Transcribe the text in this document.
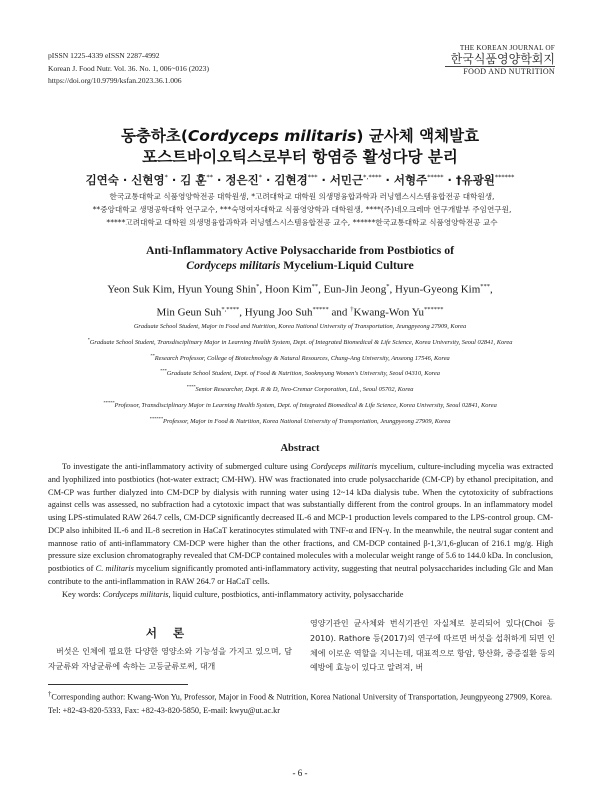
pISSN 1225-4339 eISSN 2287-4992
Korean J. Food Nutr. Vol. 36. No. 1, 006~016 (2023)
https://doi.org/10.9799/ksfan.2023.36.1.006
THE KOREAN JOURNAL OF
한국식품영양학회지
FOOD AND NUTRITION
동충하초(Cordyceps militaris) 균사체 액체발효
포스트바이오틱스로부터 항염증 활성다당 분리
김연숙 · 신현영* · 김 훈** · 정은진* · 김현경*** · 서민근*,**** · 서형주***** · †유광원******
한국교통대학교 식품영양학전공 대학원생, *고려대학교 대학원 의생명융합과학과 러닝헬스시스템융합전공 대학원생,
**중앙대학교 생명공학대학 연구교수, ***숙명여자대학교 식품영양학과 대학원생, ****(주)네오크레마 연구개발부 주임연구원,
*****고려대학교 대학원 의생명융합과학과 러닝헬스시스템융합전공 교수, ******한국교통대학교 식품영양학전공 교수
Anti-Inflammatory Active Polysaccharide from Postbiotics of
Cordyceps militaris Mycelium-Liquid Culture
Yeon Suk Kim, Hyun Young Shin*, Hoon Kim**, Eun-Jin Jeong*, Hyun-Gyeong Kim***,
Min Geun Suh*,****, Hyung Joo Suh***** and †Kwang-Won Yu******
Graduate School Student, Major in Food and Nutrition, Korea National University of Transportation, Jeungpyeong 27909, Korea
*Graduate School Student, Transdisciplinary Major in Learning Health System, Dept. of Integrated Biomedical & Life Science, Korea University, Seoul 02841, Korea
**Research Professor, College of Biotechnology & Natural Resources, Chung-Ang University, Anseong 17546, Korea
***Graduate School Student, Dept. of Food & Nutrition, Sookmyung Women's University, Seoul 04310, Korea
****Senior Researcher, Dept. R & D, Neo-Cremar Corporation, Ltd., Seoul 05702, Korea
*****Professor, Transdisciplinary Major in Learning Health System, Dept. of Integrated Biomedical & Life Science, Korea University, Seoul 02841, Korea
******Professor, Major in Food & Nutrition, Korea National University of Transportation, Jeungpyeong 27909, Korea
Abstract

To investigate the anti-inflammatory activity of submerged culture using Cordyceps militaris mycelium, culture-including mycelia was extracted and lyophilized into postbiotics (hot-water extract; CM-HW). HW was fractionated into crude polysaccharide (CM-CP) by ethanol precipitation, and CM-CP was further dialyzed into CM-DCP by dialysis with running water using 12~14 kDa dialysis tube. When the cytotoxicity of subfractions against cells was assessed, no subfraction had a cytotoxic impact that was substantially different from the control groups. In an inflammatory model using LPS-stimulated RAW 264.7 cells, CM-DCP significantly decreased IL-6 and MCP-1 production levels compared to the LPS-control group. CM-DCP also inhibited IL-6 and IL-8 secretion in HaCaT keratinocytes stimulated with TNF-α and IFN-γ. In the meanwhile, the neutral sugar content and mannose ratio of anti-inflammatory CM-DCP were higher than the other fractions, and CM-DCP contained β-1,3/1,6-glucan of 216.1 mg/g. High pressure size exclusion chromatography revealed that CM-DCP contained molecules with a molecular weight range of 5.6 to 144.0 kDa. In conclusion, postbiotics of C. militaris mycelium significantly promoted anti-inflammatory activity, suggesting that neutral polysaccharides including Glc and Man contribute to the anti-inflammation in RAW 264.7 or HaCaT cells.

Key words: Cordyceps militaris, liquid culture, postbiotics, anti-inflammatory activity, polysaccharide

서 론

버섯은 인체에 필요한 다양한 영양소와 기능성을 가지고 있으며, 담자균류와 자낭균류에 속하는 고등균류로써, 대개

영양기관인 균사체와 번식기관인 자실체로 분리되어 있다(Choi 등 2010). Rathore 등(2017)의 연구에 따르면 버섯을 섭취하게 되면 인체에 이로운 역할을 지니는데, 대표적으로 항암, 항산화, 중증질환 등의 예방에 효능이 있다고 알려져, 버

†Corresponding author: Kwang-Won Yu, Professor, Major in Food & Nutrition, Korea National University of Transportation, Jeungpyeong 27909, Korea. Tel: +82-43-820-5333, Fax: +82-43-820-5850, E-mail: kwyu@ut.ac.kr
- 6 -
